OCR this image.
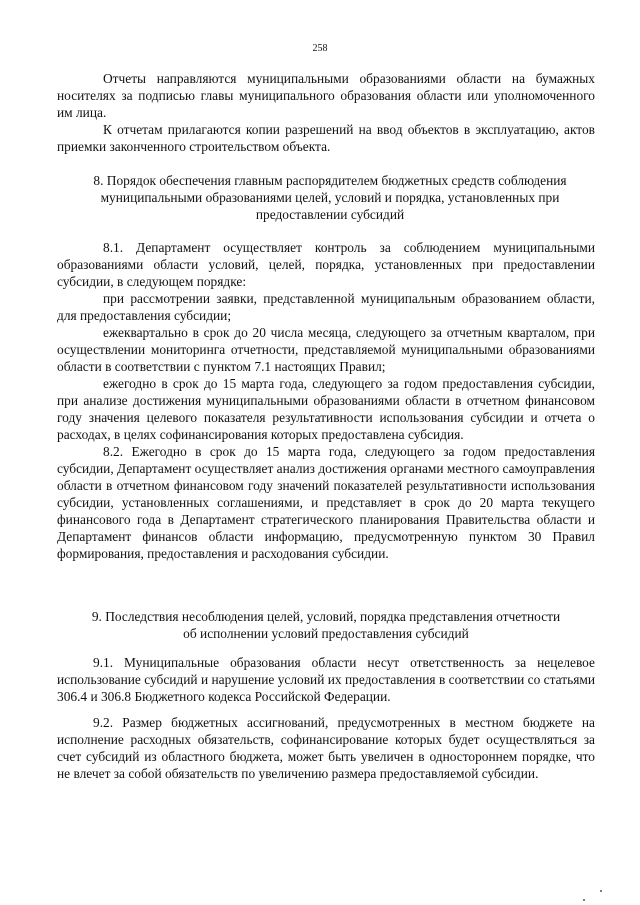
258

Отчеты направляются муниципальными образованиями области на бумажных носителях за подписью главы муниципального образования области или уполномоченного им лица.

К отчетам прилагаются копии разрешений на ввод объектов в эксплуатацию, актов приемки законченного строительством объекта.

8. Порядок обеспечения главным распорядителем бюджетных средств соблюдения муниципальными образованиями целей, условий и порядка, установленных при предоставлении субсидий

8.1. Департамент осуществляет контроль за соблюдением муниципальными образованиями области условий, целей, порядка, установленных при предоставлении субсидии, в следующем порядке:

при рассмотрении заявки, представленной муниципальным образованием области, для предоставления субсидии;

ежеквартально в срок до 20 числа месяца, следующего за отчетным кварталом, при осуществлении мониторинга отчетности, представляемой муниципальными образованиями области в соответствии с пунктом 7.1 настоящих Правил;

ежегодно в срок до 15 марта года, следующего за годом предоставления субсидии, при анализе достижения муниципальными образованиями области в отчетном финансовом году значения целевого показателя результативности использования субсидии и отчета о расходах, в целях софинансирования которых предоставлена субсидия.

8.2. Ежегодно в срок до 15 марта года, следующего за годом предоставления субсидии, Департамент осуществляет анализ достижения органами местного самоуправления области в отчетном финансовом году значений показателей результативности использования субсидии, установленных соглашениями, и представляет в срок до 20 марта текущего финансового года в Департамент стратегического планирования Правительства области и Департамент финансов области информацию, предусмотренную пунктом 30 Правил формирования, предоставления и расходования субсидии.

9. Последствия несоблюдения целей, условий, порядка представления отчетности

об исполнении условий предоставления субсидий

9.1. Муниципальные образования области несут ответственность за нецелевое использование субсидий и нарушение условий их предоставления в соответствии со статьями 306.4 и 306.8 Бюджетного кодекса Российской Федерации.

9.2. Размер бюджетных ассигнований, предусмотренных в местном бюджете на исполнение расходных обязательств, софинансирование которых будет осуществляться за счет субсидий из областного бюджета, может быть увеличен в одностороннем порядке, что не влечет за собой обязательств по увеличению размера предоставляемой субсидии.
